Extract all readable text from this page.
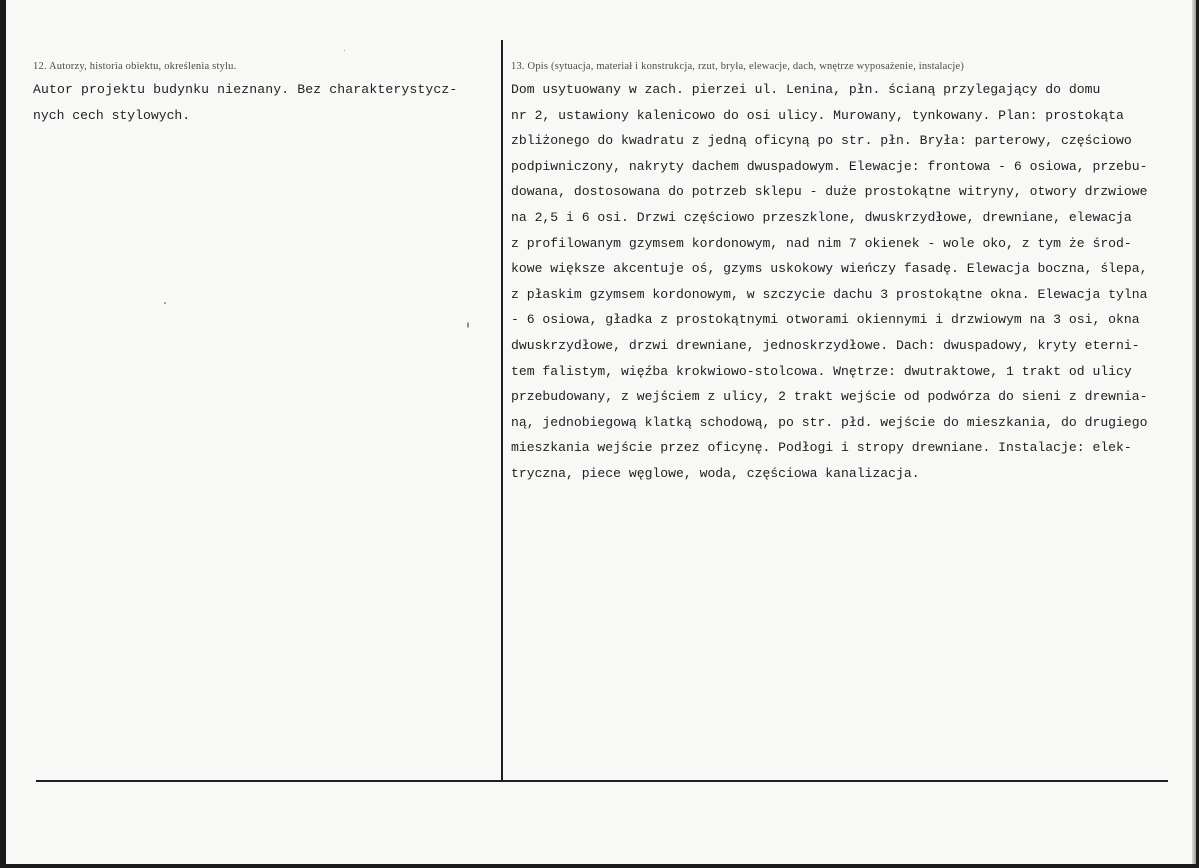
12. Autorzy, historia obiektu, określenia stylu.	13. Opis (sytuacja, materiał i konstrukcja, rzut, bryła, elewacje, dach, wnętrze wyposażenie, instalacje)
Autor projektu budynku nieznany. Bez charakterystycz-
nych cech stylowych.
Dom usytuowany w zach. pierzei ul. Lenina, płn. ścianą przylegający do domu
nr 2, ustawiony kalenicowo do osi ulicy. Murowany, tynkowany. Plan: prostokąta
zbliżonego do kwadratu z jedną oficyną po str. płn. Bryła: parterowy, częściowo
podpiwniczony, nakryty dachem dwuspadowym. Elewacje: frontowa - 6 osiowa, przebu-
dowana, dostosowana do potrzeb sklepu - duże prostokątne witryny, otwory drzwiowe
na 2,5 i 6 osi. Drzwi częściowo przeszklone, dwuskrzydłowe, drewniane, elewacja
z profilowanym gzymsem kordonowym, nad nim 7 okienek - wole oko, z tym że środ-
kowe większe akcentuje oś, gzyms uskokowy wieńczy fasadę. Elewacja boczna, ślepa,
z płaskim gzymsem kordonowym, w szczycie dachu 3 prostokątne okna. Elewacja tylna
- 6 osiowa, gładka z prostokątnymi otworami okiennymi i drzwiowym na 3 osi, okna
dwuskrzydłowe, drzwi drewniane, jednoskrzydłowe. Dach: dwuspadowy, kryty eterni-
tem falistym, więźba krokwiowo-stolcowa. Wnętrze: dwutraktowe, 1 trakt od ulicy
przebudowany, z wejściem z ulicy, 2 trakt wejście od podwórza do sieni z drewnia-
ną, jednobiegową klatką schodową, po str. płd. wejście do mieszkania, do drugiego
mieszkania wejście przez oficynę. Podłogi i stropy drewniane. Instalacje: elek-
tryczna, piece węglowe, woda, częściowa kanalizacja.
